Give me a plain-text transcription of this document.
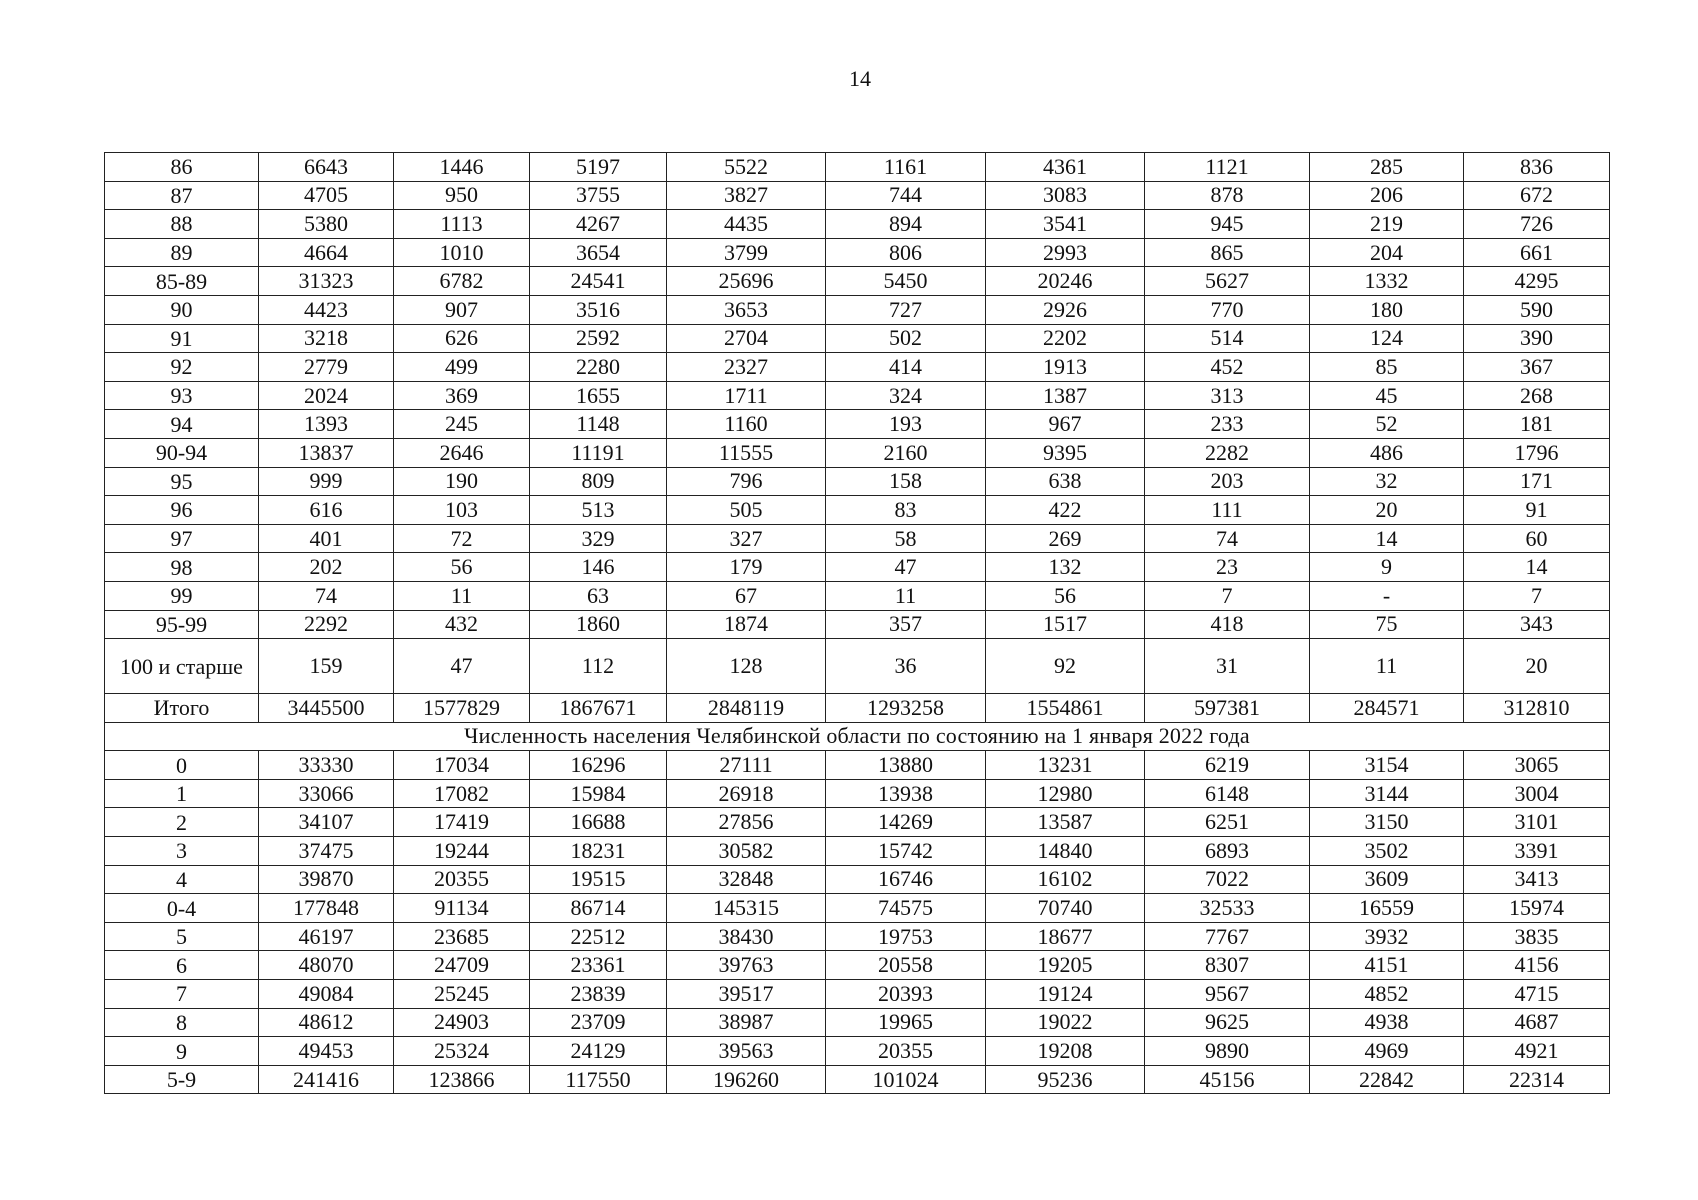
14
86	6643	1446	5197	5522	1161	4361	1121	285	836
87	4705	950	3755	3827	744	3083	878	206	672
88	5380	1113	4267	4435	894	3541	945	219	726
89	4664	1010	3654	3799	806	2993	865	204	661
85-89	31323	6782	24541	25696	5450	20246	5627	1332	4295
90	4423	907	3516	3653	727	2926	770	180	590
91	3218	626	2592	2704	502	2202	514	124	390
92	2779	499	2280	2327	414	1913	452	85	367
93	2024	369	1655	1711	324	1387	313	45	268
94	1393	245	1148	1160	193	967	233	52	181
90-94	13837	2646	11191	11555	2160	9395	2282	486	1796
95	999	190	809	796	158	638	203	32	171
96	616	103	513	505	83	422	111	20	91
97	401	72	329	327	58	269	74	14	60
98	202	56	146	179	47	132	23	9	14
99	74	11	63	67	11	56	7	-	7
95-99	2292	432	1860	1874	357	1517	418	75	343
100 и старше	159	47	112	128	36	92	31	11	20
Итого	3445500	1577829	1867671	2848119	1293258	1554861	597381	284571	312810
Численность населения Челябинской области по состоянию на 1 января 2022 года									
0	33330	17034	16296	27111	13880	13231	6219	3154	3065
1	33066	17082	15984	26918	13938	12980	6148	3144	3004
2	34107	17419	16688	27856	14269	13587	6251	3150	3101
3	37475	19244	18231	30582	15742	14840	6893	3502	3391
4	39870	20355	19515	32848	16746	16102	7022	3609	3413
0-4	177848	91134	86714	145315	74575	70740	32533	16559	15974
5	46197	23685	22512	38430	19753	18677	7767	3932	3835
6	48070	24709	23361	39763	20558	19205	8307	4151	4156
7	49084	25245	23839	39517	20393	19124	9567	4852	4715
8	48612	24903	23709	38987	19965	19022	9625	4938	4687
9	49453	25324	24129	39563	20355	19208	9890	4969	4921
5-9	241416	123866	117550	196260	101024	95236	45156	22842	22314
